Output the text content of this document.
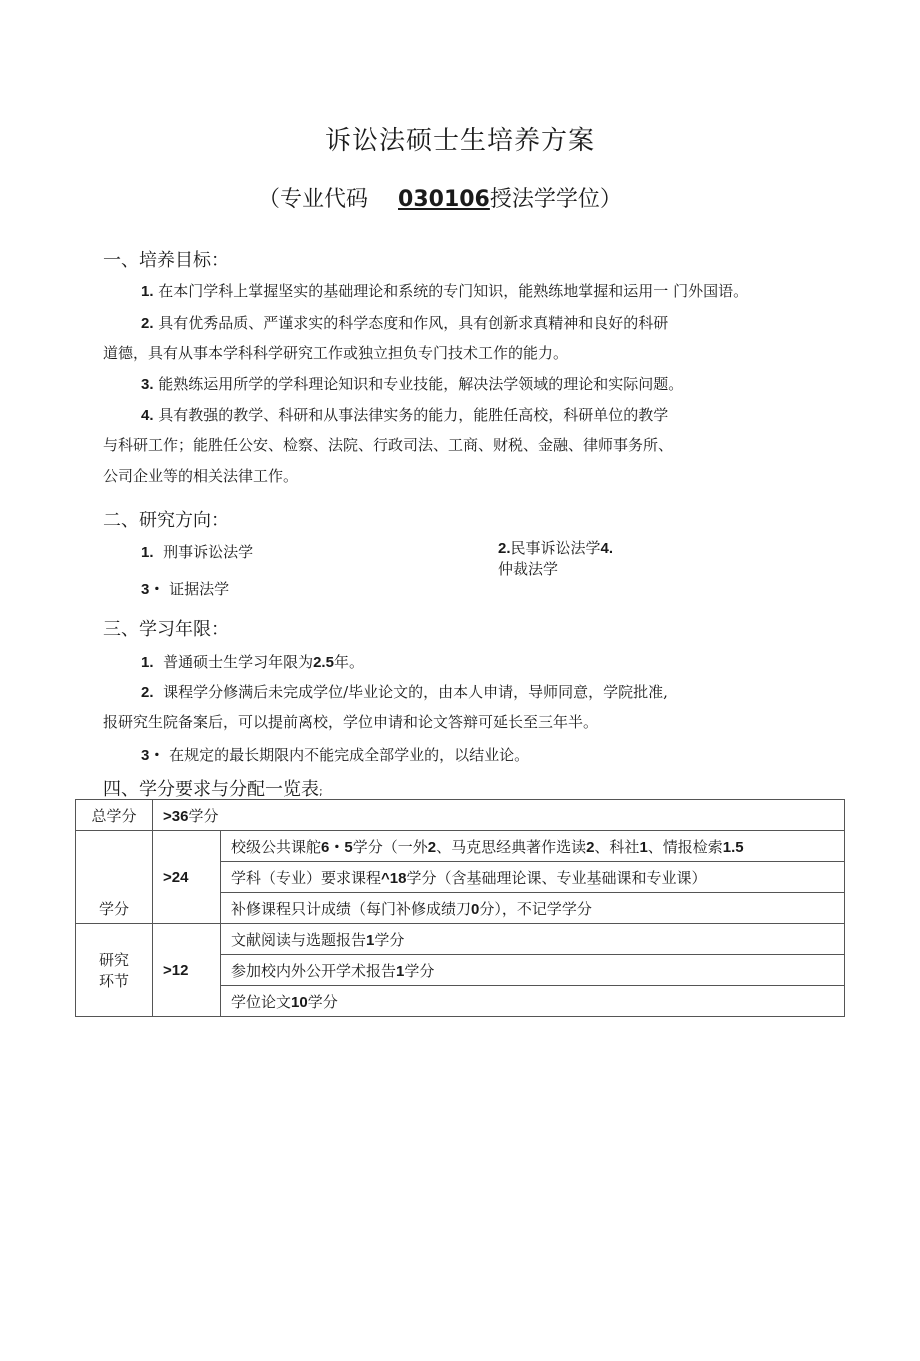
诉讼法硕士生培养方案
（专业代码 030106授法学学位）
一、培养目标：
1. 在本门学科上掌握坚实的基础理论和系统的专门知识，能熟练地掌握和运用一 门外国语。
2. 具有优秀品质、严谨求实的科学态度和作风，具有创新求真精神和良好的科研
道德，具有从事本学科科学研究工作或独立担负专门技术工作的能力。
3. 能熟练运用所学的学科理论知识和专业技能，解决法学领域的理论和实际问题。
4. 具有教强的教学、科研和从事法律实务的能力，能胜任高校，科研单位的教学
与科研工作；能胜任公安、检察、法院、行政司法、工商、财税、金融、律师事务所、
公司企业等的相关法律工作。
二、研究方向：
1. 刑事诉讼法学	2.民事诉讼法学4.
仲裁法学
3・ 证据法学
三、学习年限：
1. 普通硕士生学习年限为2.5年。
2. 课程学分修满后未完成学位/毕业论文的，由本人申请，导师同意，学院批准,
报研究生院备案后，可以提前离校，学位申请和论文答辩可延长至三年半。
3・ 在规定的最长期限内不能完成全部学业的，以结业论。
四、学分要求与分配一览表;
总学分	>36学分	
学分	>24	校级公共课舵6・5学分（一外2、马克思经典著作选读2、科社1、情报检索1.5
		学科（专业）要求课程^18学分（含基础理论课、专业基础课和专业课）
		补修课程只计成绩（每门补修成绩刀0分），不记学学分
研究
环节	>12	文献阅读与选题报告1学分
		参加校内外公开学术报告1学分
		学位论文10学分
